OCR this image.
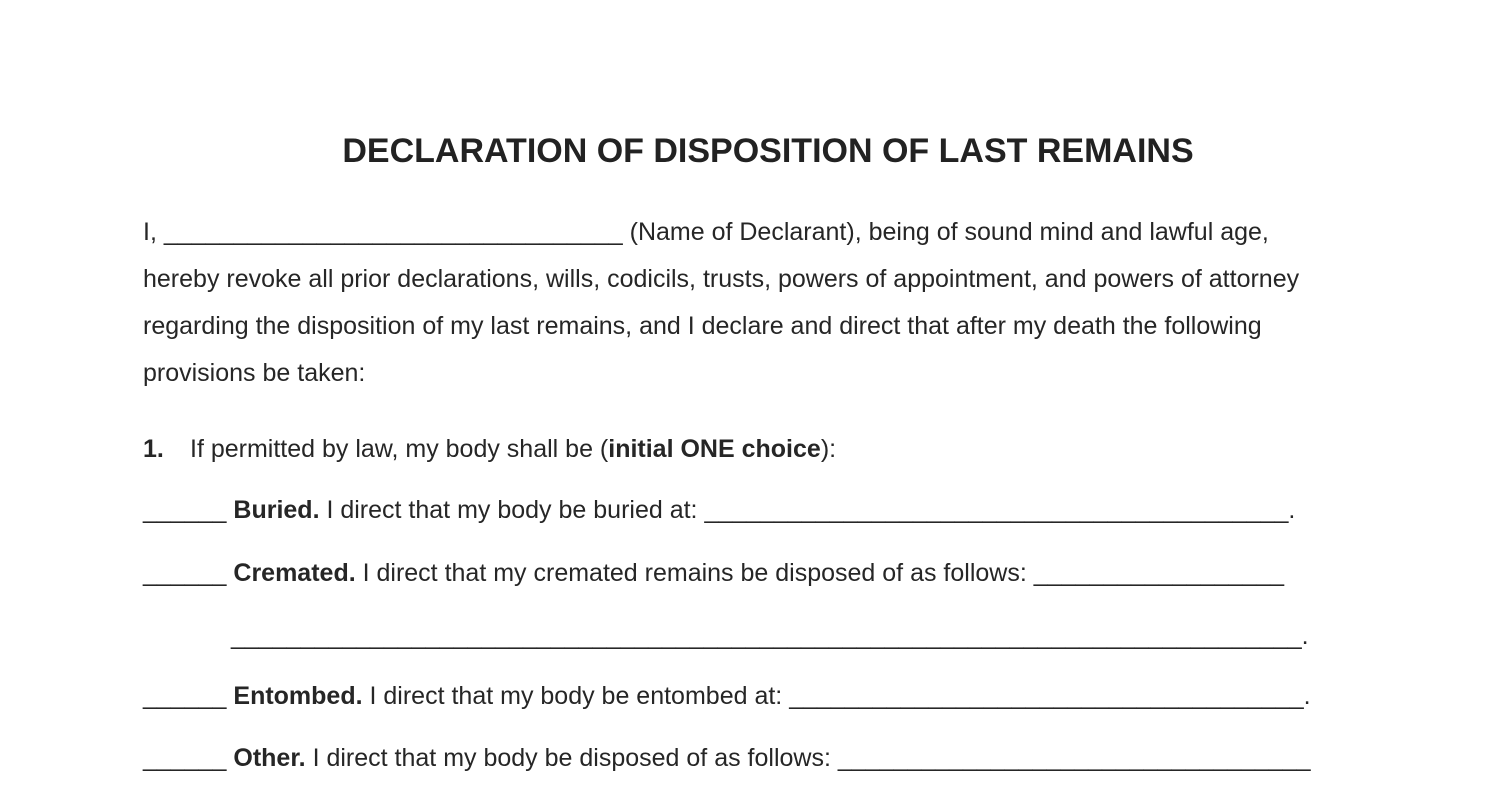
DECLARATION OF DISPOSITION OF LAST REMAINS
I, _________________________________ (Name of Declarant), being of sound mind and lawful age,
hereby revoke all prior declarations, wills, codicils, trusts, powers of appointment, and powers of attorney
regarding the disposition of my last remains, and I declare and direct that after my death the following
provisions be taken:
1. If permitted by law, my body shall be (initial ONE choice):
______ Buried. I direct that my body be buried at: __________________________________________.
______ Cremated. I direct that my cremated remains be disposed of as follows: __________________
_____________________________________________________________________________.
______ Entombed. I direct that my body be entombed at: _____________________________________.
______ Other. I direct that my body be disposed of as follows: __________________________________
